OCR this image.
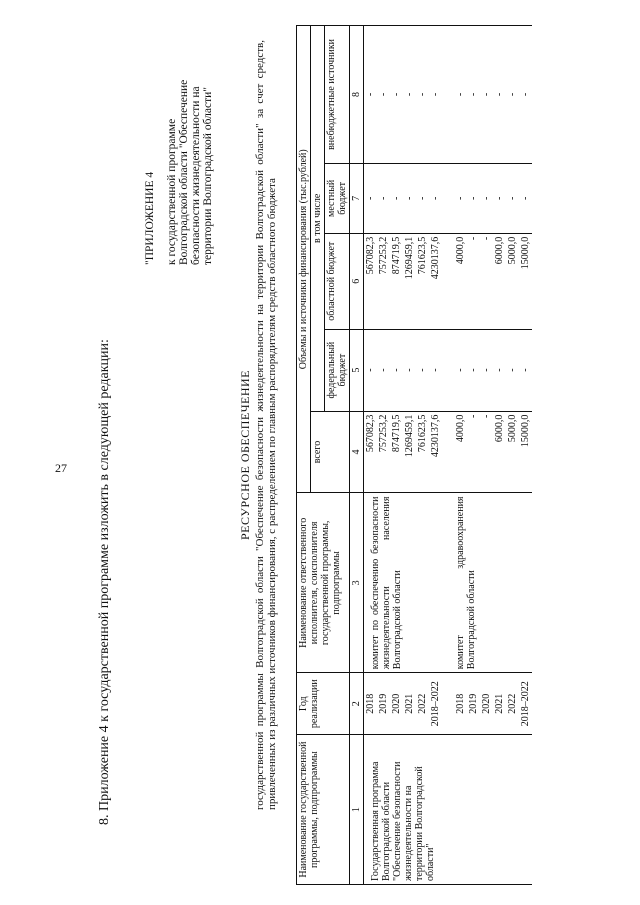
27 8. Приложение 4 к государственной программе изложить в следующей редакции:
"ПРИЛОЖЕНИЕ 4 к государственной программе Волгоградской области "Обеспечение безопасности жизнедеятельности на территории Волгоградской области"
РЕСУРСНОЕ ОБЕСПЕЧЕНИЕ государственной программы Волгоградской области "Обеспечение безопасности жизнедеятельности на территории Волгоградской области" за счет средств, привлеченных из различных источников финансирования, с распределением по главным распорядителям средств областного бюджета Наименование государственной программы, подпрограммы	Год реализации	Наименование ответственного исполнителя, соисполнителя государственной программы, подпрограммы	Объемы и источники финансирования (тыс.рублей)				
			всего	в том числе			
				федеральный бюджет	областной бюджет	местный бюджет	внебюджетные источники
1	2	3	4	5	6	7	8
Государственная программа Волгоградской области "Обеспечение безопасности жизнедеятельности на территории Волгоградской области"	2018	комитет по обеспечению безопасности жизнедеятельности населения Волгоградской области	567082,3	-	567082,3	-	-
	2019		757253,2	-	757253,2	-	-
	2020		874719,5	-	874719,5	-	-
	2021		1269459,1	-	1269459,1	-	-
	2022		761623,5	-	761623,5	-	-
	2018–2022		4230137,6	-	4230137,6	-	-

	2018	комитет здравоохранения Волгоградской области	4000,0	-	4000,0	-	-
	2019		-	-	-	-	-
	2020		-	-	-	-	-
	2021		6000,0	-	6000,0	-	-
	2022		5000,0	-	5000,0	-	-
	2018–2022		15000,0	-	15000,0	-	-
